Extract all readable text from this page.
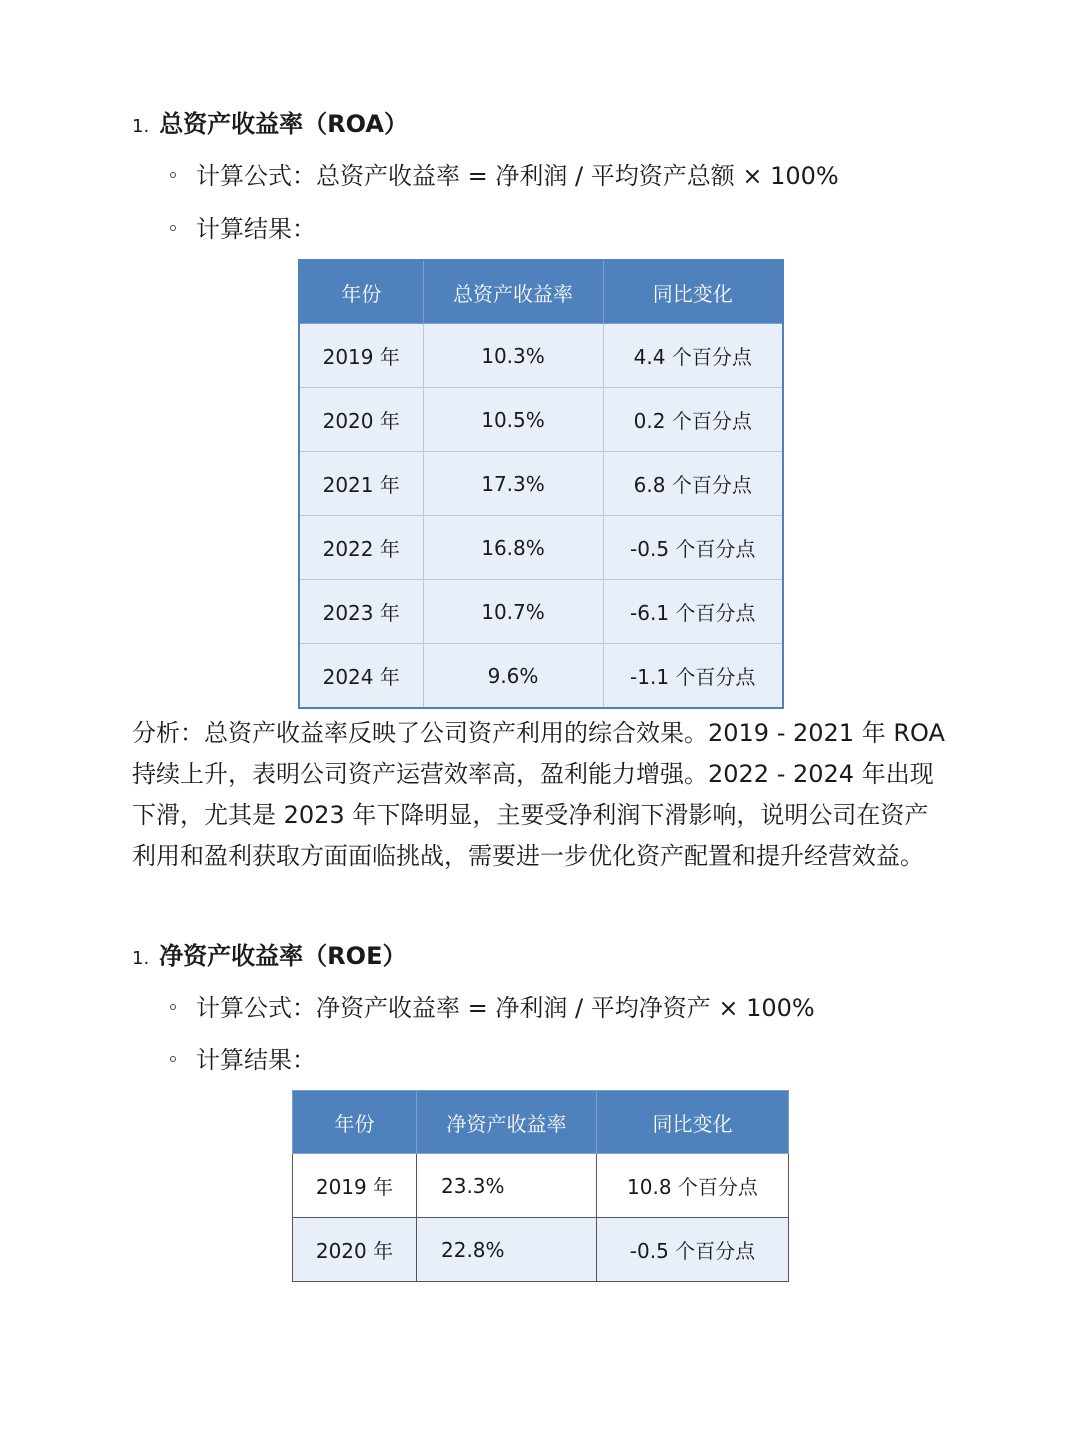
1. 总资产收益率（ROA）
计算公式：总资产收益率 = 净利润 / 平均资产总额 × 100%
计算结果：
年份	总资产收益率	同比变化
2019 年	10.3%	4.4 个百分点
2020 年	10.5%	0.2 个百分点
2021 年	17.3%	6.8 个百分点
2022 年	16.8%	-0.5 个百分点
2023 年	10.7%	-6.1 个百分点
2024 年	9.6%	-1.1 个百分点
分析：总资产收益率反映了公司资产利用的综合效果。2019 - 2021 年 ROA 持续上升，表明公司资产运营效率高，盈利能力增强。2022 - 2024 年出现下滑，尤其是 2023 年下降明显，主要受净利润下滑影响，说明公司在资产利用和盈利获取方面面临挑战，需要进一步优化资产配置和提升经营效益。
1. 净资产收益率（ROE）
计算公式：净资产收益率 = 净利润 / 平均净资产 × 100%
计算结果：
年份	净资产收益率	同比变化
2019 年	23.3%	10.8 个百分点
2020 年	22.8%	-0.5 个百分点
